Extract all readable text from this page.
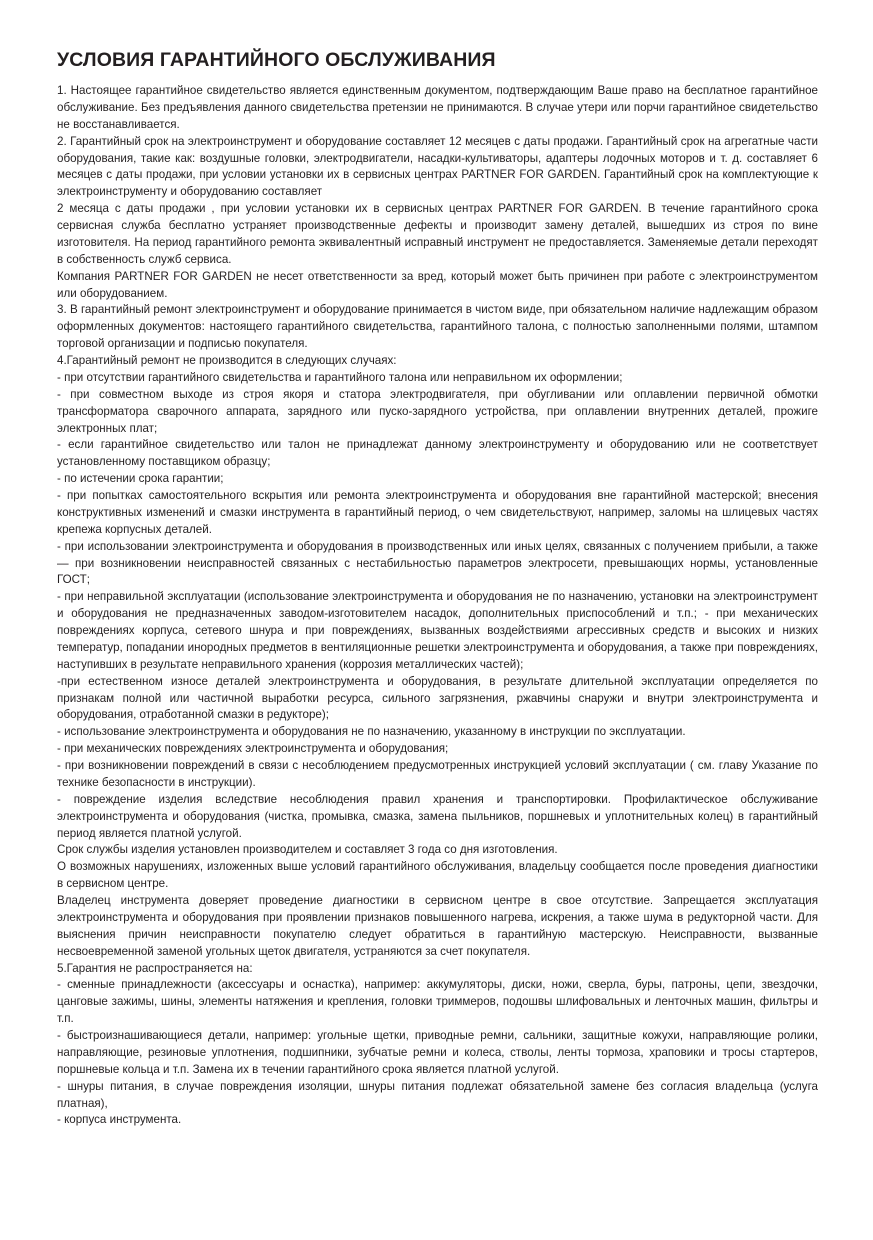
УСЛОВИЯ ГАРАНТИЙНОГО ОБСЛУЖИВАНИЯ

1. Настоящее гарантийное свидетельство является единственным документом, подтверждающим Ваше право на бесплатное гарантийное обслуживание. Без предъявления данного свидетельства претензии не принимаются. В случае утери или порчи гарантийное свидетельство не восстанавливается.

2. Гарантийный срок на электроинструмент и оборудование составляет 12 месяцев с даты продажи. Гарантийный срок на агрегатные части оборудования, такие как: воздушные головки, электродвигатели, насадки-культиваторы, адаптеры лодочных моторов и т. д. составляет 6 месяцев с даты продажи, при условии установки их в сервисных центрах PARTNER FOR GARDEN. Гарантийный срок на комплектующие к электроинструменту и оборудованию составляет

2 месяца с даты продажи , при условии установки их в сервисных центрах PARTNER FOR GARDEN. В течение гарантийного срока сервисная служба бесплатно устраняет производственные дефекты и производит замену деталей, вышедших из строя по вине изготовителя. На период гарантийного ремонта эквивалентный исправный инструмент не предоставляется. Заменяемые детали переходят в собственность служб сервиса.

Компания PARTNER FOR GARDEN не несет ответственности за вред, который может быть причинен при работе с электроинструментом или оборудованием.

3. В гарантийный ремонт электроинструмент и оборудование принимается в чистом виде, при обязательном наличие надлежащим образом оформленных документов: настоящего гарантийного свидетельства, гарантийного талона, с полностью заполненными полями, штампом торговой организации и подписью покупателя.

4.Гарантийный ремонт не производится в следующих случаях:

- при отсутствии гарантийного свидетельства и гарантийного талона или неправильном их оформлении;

- при совместном выходе из строя якоря и статора электродвигателя, при обугливании или оплавлении первичной обмотки трансформатора сварочного аппарата, зарядного или пуско-зарядного устройства, при оплавлении внутренних деталей, прожиге электронных плат;

- если гарантийное свидетельство или талон не принадлежат данному электроинструменту и оборудованию или не соответствует установленному поставщиком образцу;

- по истечении срока гарантии;

- при попытках самостоятельного вскрытия или ремонта электроинструмента и оборудования вне гарантийной мастерской; внесения конструктивных изменений и смазки инструмента в гарантийный период, о чем свидетельствуют, например, заломы на шлицевых частях крепежа корпусных деталей.

- при использовании электроинструмента и оборудования в производственных или иных целях, связанных с получением прибыли, а также — при возникновении неисправностей связанных с нестабильностью параметров электросети, превышающих нормы, установленные ГОСТ;

- при неправильной эксплуатации (использование электроинструмента и оборудования не по назначению, установки на электроинструмент и оборудования не предназначенных заводом-изготовителем насадок, дополнительных приспособлений и т.п.; - при механических повреждениях корпуса, сетевого шнура и при повреждениях, вызванных воздействиями агрессивных средств и высоких и низких температур, попадании инородных предметов в вентиляционные решетки электроинструмента и оборудования, а также при повреждениях, наступивших в результате неправильного хранения (коррозия металлических частей);

-при естественном износе деталей электроинструмента и оборудования, в результате длительной эксплуатации определяется по признакам полной или частичной выработки ресурса, сильного загрязнения, ржавчины снаружи и внутри электроинструмента и оборудования, отработанной смазки в редукторе);

- использование электроинструмента и оборудования не по назначению, указанному в инструкции по эксплуатации.

- при механических повреждениях электроинструмента и оборудования;

- при возникновении повреждений в связи с несоблюдением предусмотренных инструкцией условий эксплуатации ( см. главу Указание по технике безопасности в инструкции).

- повреждение изделия вследствие несоблюдения правил хранения и транспортировки. Профилактическое обслуживание электроинструмента и оборудования (чистка, промывка, смазка, замена пыльников, поршневых и уплотнительных колец) в гарантийный период является платной услугой.

Срок службы изделия установлен производителем и составляет 3 года со дня изготовления.

О возможных нарушениях, изложенных выше условий гарантийного обслуживания, владельцу сообщается после проведения диагностики в сервисном центре.

Владелец инструмента доверяет проведение диагностики в сервисном центре в свое отсутствие. Запрещается эксплуатация электроинструмента и оборудования при проявлении признаков повышенного нагрева, искрения, а также шума в редукторной части. Для выяснения причин неисправности покупателю следует обратиться в гарантийную мастерскую. Неисправности, вызванные несвоевременной заменой угольных щеток двигателя, устраняются за счет покупателя.

5.Гарантия не распространяется на:

- сменные принадлежности (аксессуары и оснастка), например: аккумуляторы, диски, ножи, сверла, буры, патроны, цепи, звездочки, цанговые зажимы, шины, элементы натяжения и крепления, головки триммеров, подошвы шлифовальных и ленточных машин, фильтры и т.п.

- быстроизнашивающиеся детали, например: угольные щетки, приводные ремни, сальники, защитные кожухи, направляющие ролики, направляющие, резиновые уплотнения, подшипники, зубчатые ремни и колеса, стволы, ленты тормоза, храповики и тросы стартеров, поршневые кольца и т.п. Замена их в течении гарантийного срока является платной услугой.

- шнуры питания, в случае повреждения изоляции, шнуры питания подлежат обязательной замене без согласия владельца (услуга платная),

- корпуса инструмента.
